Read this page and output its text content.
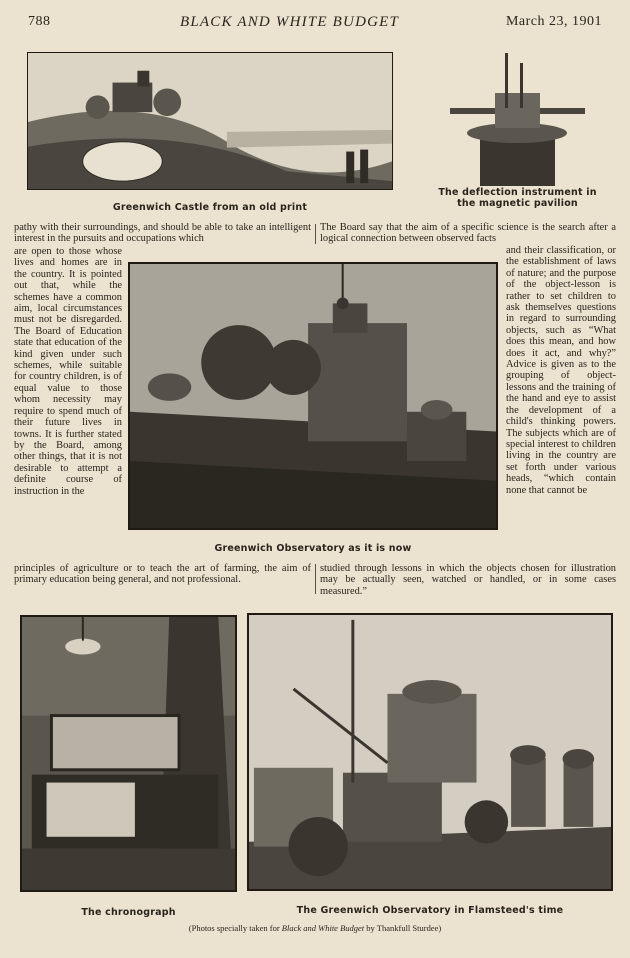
788	BLACK AND WHITE BUDGET	March 23, 1901
Greenwich Castle from an old print
The deflection instrument in the magnetic pavilion
pathy with their surroundings, and should be able to take an intelligent interest in the pursuits and occupations which
The Board say that the aim of a specific science is the search after a logical connection between observed facts
are open to those whose lives and homes are in the country. It is pointed out that, while the schemes have a common aim, local circumstances must not be disregarded. The Board of Education state that education of the kind given under such schemes, while suitable for country children, is of equal value to those whom necessity may require to spend much of their future lives in towns. It is further stated by the Board, among other things, that it is not desirable to attempt a definite course of instruction in the
Greenwich Observatory as it is now
and their classification, or the establishment of laws of nature; and the purpose of the object-lesson is rather to set children to ask themselves questions in regard to surrounding objects, such as “What does this mean, and how does it act, and why?” Advice is given as to the grouping of object-lessons and the training of the hand and eye to assist the development of a child's thinking powers. The subjects which are of special interest to children living in the country are set forth under various heads, “which contain none that cannot be
principles of agriculture or to teach the art of farming, the aim of primary education being general, and not professional.
studied through lessons in which the objects chosen for illustration may be actually seen, watched or handled, or in some cases measured.”
The chronograph	The Greenwich Observatory in Flamsteed's time
(Photos specially taken for Black and White Budget by Thankfull Sturdee)
